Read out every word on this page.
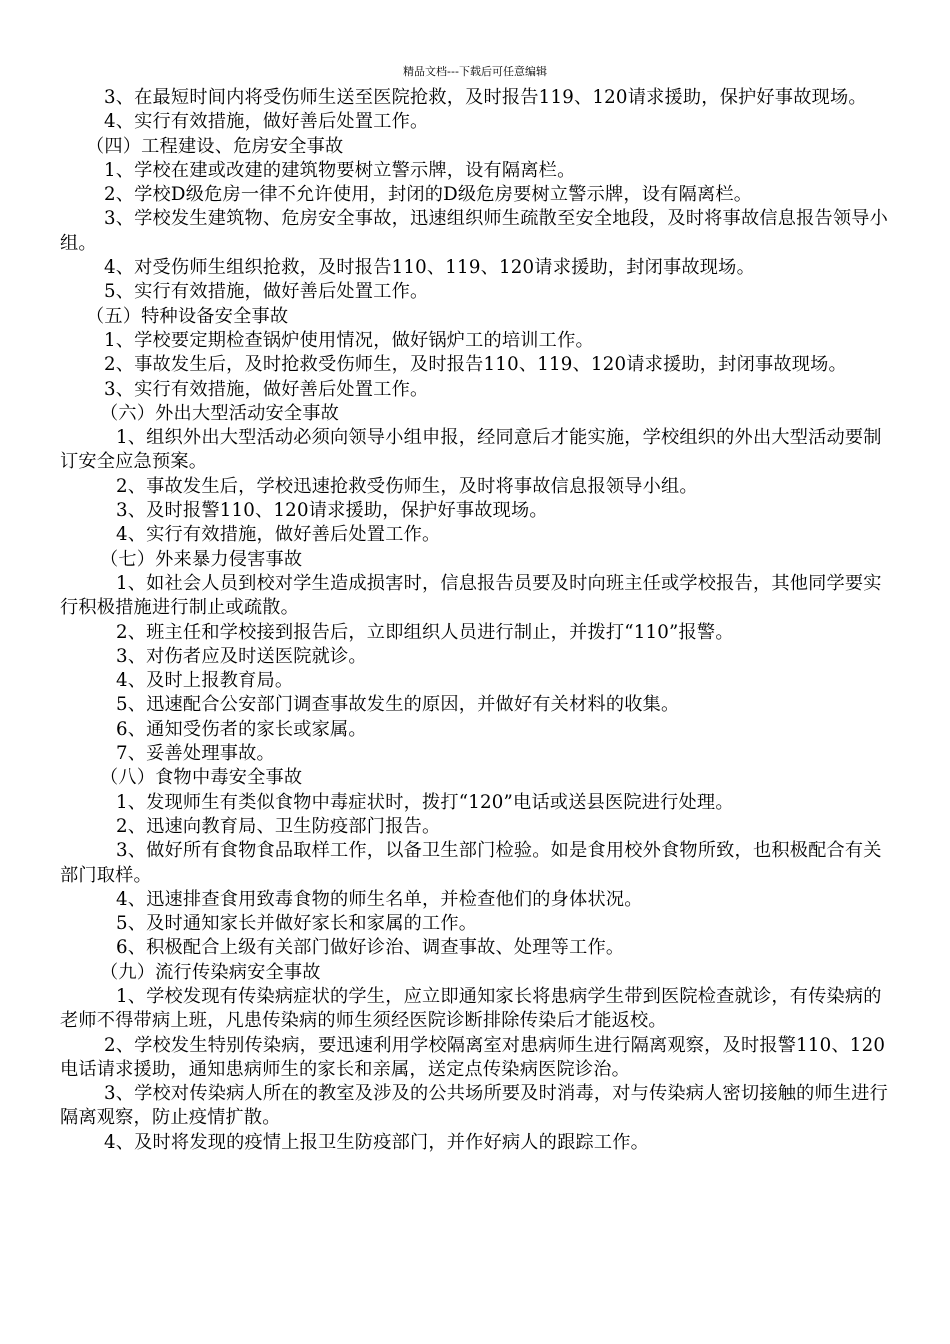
精品文档---下载后可任意编辑

3、在最短时间内将受伤师生送至医院抢救，及时报告119、120请求援助，保护好事故现场。

4、实行有效措施，做好善后处置工作。

（四）工程建设、危房安全事故

1、学校在建或改建的建筑物要树立警示牌，设有隔离栏。

2、学校D级危房一律不允许使用，封闭的D级危房要树立警示牌，设有隔离栏。

3、学校发生建筑物、危房安全事故，迅速组织师生疏散至安全地段，及时将事故信息报告领导小组。

4、对受伤师生组织抢救，及时报告110、119、120请求援助，封闭事故现场。

5、实行有效措施，做好善后处置工作。

（五）特种设备安全事故

1、学校要定期检查锅炉使用情况，做好锅炉工的培训工作。

2、事故发生后，及时抢救受伤师生，及时报告110、119、120请求援助，封闭事故现场。

3、实行有效措施，做好善后处置工作。

（六）外出大型活动安全事故

1、组织外出大型活动必须向领导小组申报，经同意后才能实施，学校组织的外出大型活动要制订安全应急预案。

2、事故发生后，学校迅速抢救受伤师生，及时将事故信息报领导小组。

3、及时报警110、120请求援助，保护好事故现场。

4、实行有效措施，做好善后处置工作。

（七）外来暴力侵害事故

1、如社会人员到校对学生造成损害时，信息报告员要及时向班主任或学校报告，其他同学要实行积极措施进行制止或疏散。

2、班主任和学校接到报告后，立即组织人员进行制止，并拨打“110”报警。

3、对伤者应及时送医院就诊。

4、及时上报教育局。

5、迅速配合公安部门调查事故发生的原因，并做好有关材料的收集。

6、通知受伤者的家长或家属。

7、妥善处理事故。

（八）食物中毒安全事故

1、发现师生有类似食物中毒症状时，拨打“120”电话或送县医院进行处理。

2、迅速向教育局、卫生防疫部门报告。

3、做好所有食物食品取样工作，以备卫生部门检验。如是食用校外食物所致，也积极配合有关部门取样。

4、迅速排查食用致毒食物的师生名单，并检查他们的身体状况。

5、及时通知家长并做好家长和家属的工作。

6、积极配合上级有关部门做好诊治、调查事故、处理等工作。

（九）流行传染病安全事故

1、学校发现有传染病症状的学生，应立即通知家长将患病学生带到医院检查就诊，有传染病的老师不得带病上班，凡患传染病的师生须经医院诊断排除传染后才能返校。

2、学校发生特别传染病，要迅速利用学校隔离室对患病师生进行隔离观察，及时报警110、120电话请求援助，通知患病师生的家长和亲属，送定点传染病医院诊治。

3、学校对传染病人所在的教室及涉及的公共场所要及时消毒，对与传染病人密切接触的师生进行隔离观察，防止疫情扩散。

4、及时将发现的疫情上报卫生防疫部门，并作好病人的跟踪工作。
